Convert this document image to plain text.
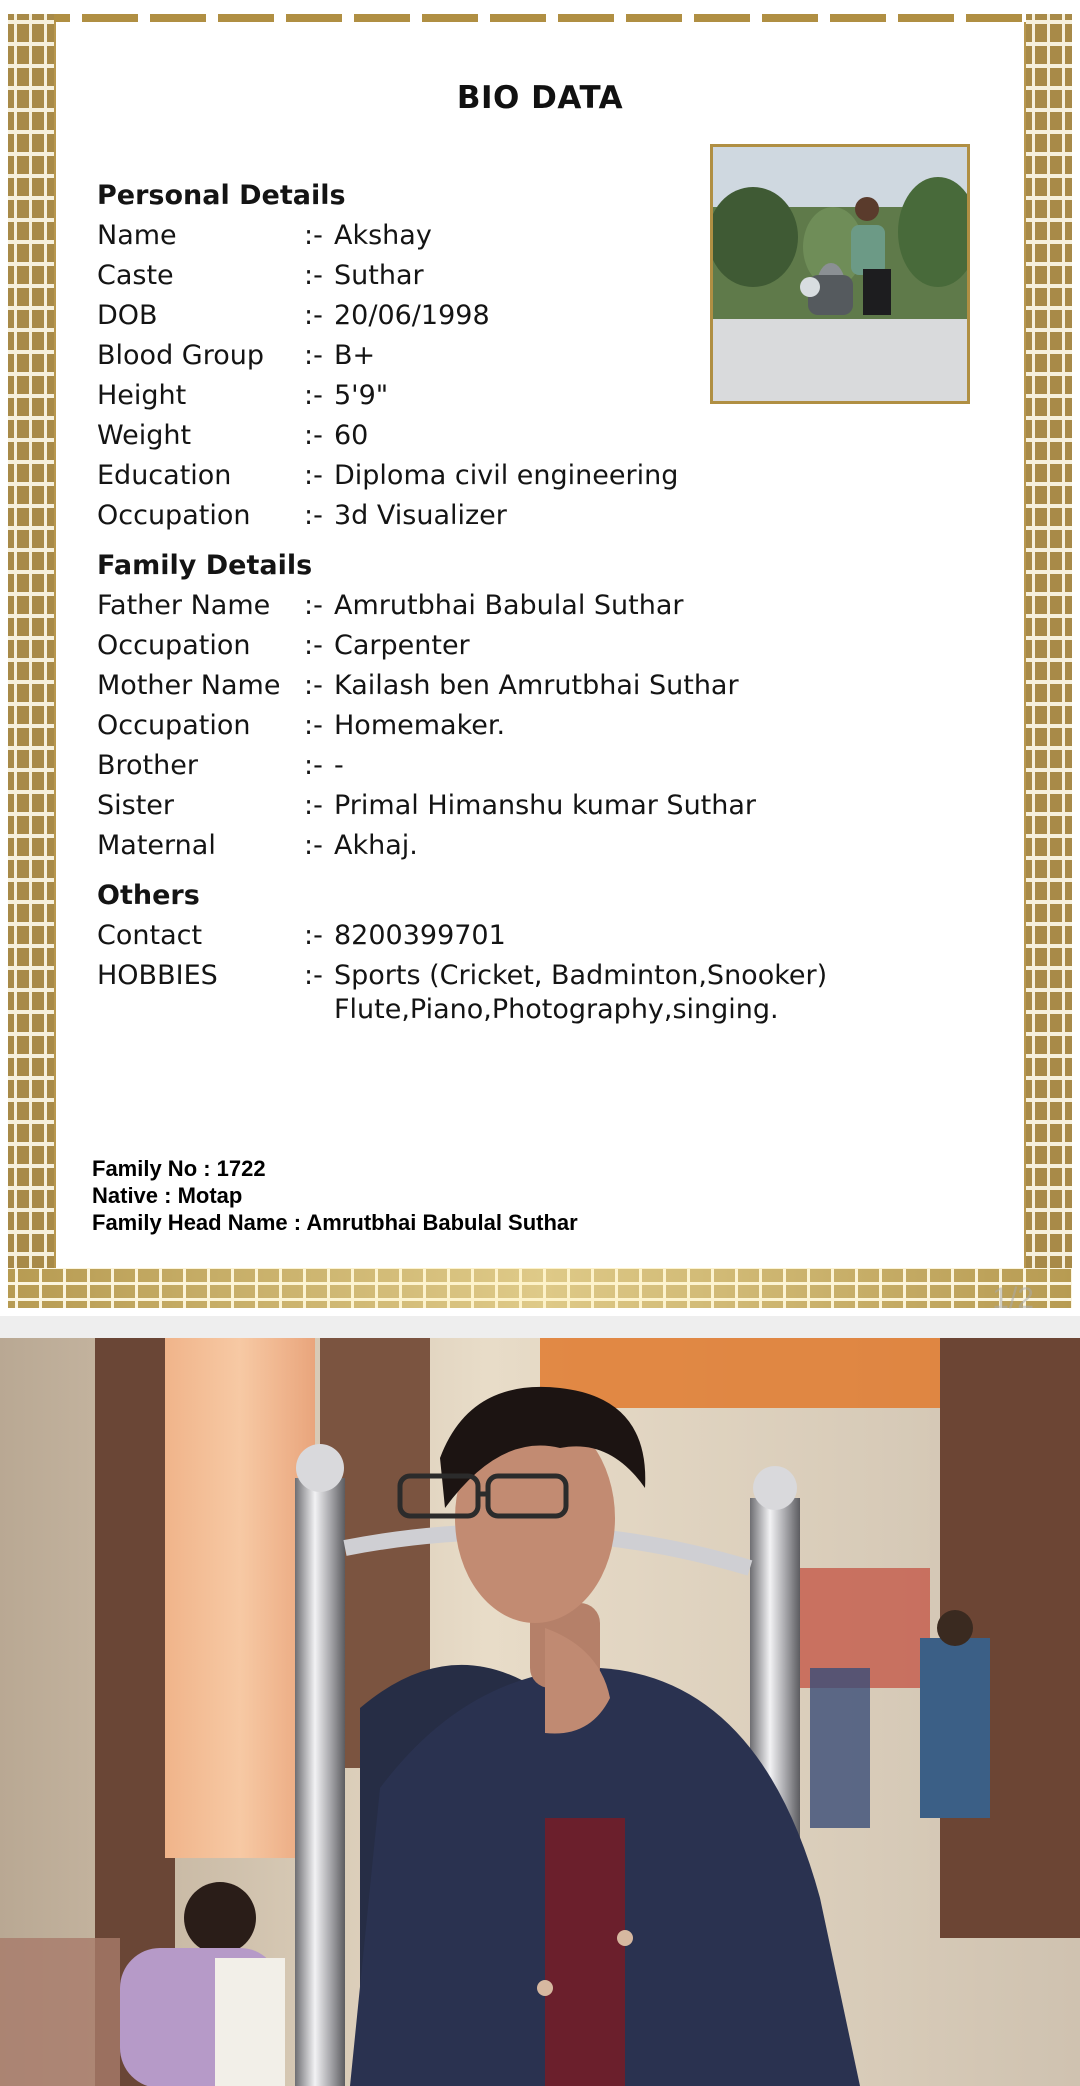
BIO DATA
Personal Details
Name	:- Akshay
Caste	:- Suthar
DOB	:- 20/06/1998
Blood Group	:- B+
Height	:- 5'9"
Weight	:- 60
Education	:- Diploma civil engineering
Occupation	:- 3d Visualizer
Family Details
Father Name	:- Amrutbhai Babulal Suthar
Occupation	:- Carpenter
Mother Name :- Kailash ben Amrutbhai Suthar
Occupation	:- Homemaker.
Brother	:- -
Sister	:- Primal Himanshu kumar Suthar
Maternal	:- Akhaj.
Others
Contact	:- 8200399701
HOBBIES	:- Sports (Cricket, Badminton,Snooker)
Flute,Piano,Photography,singing.
Family No : 1722
Native : Motap
Family Head Name : Amrutbhai Babulal Suthar
1/2
